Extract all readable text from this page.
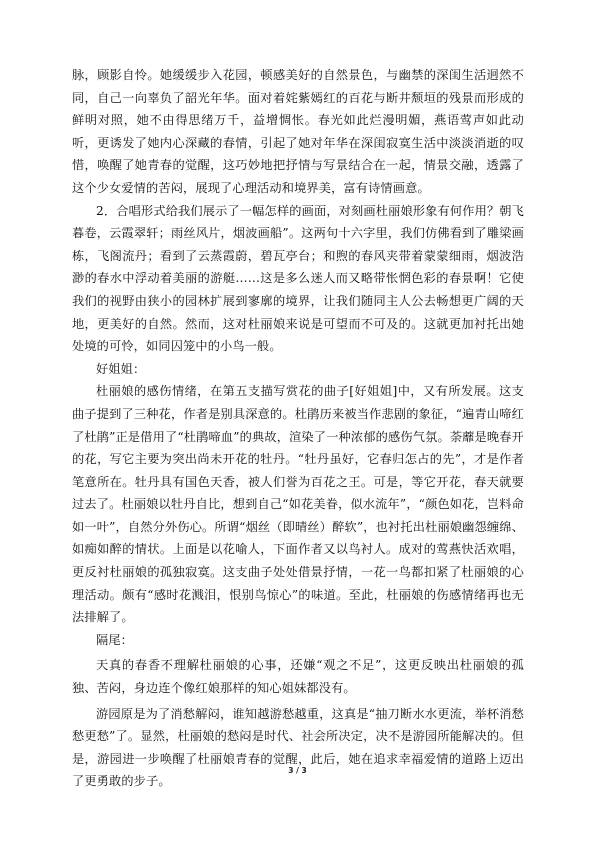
脉，顾影自怜。她缓缓步入花园，顿感美好的自然景色，与幽禁的深闺生活迥然不同，自己一向辜负了韶光年华。面对着姹紫嫣红的百花与断井颓垣的残景而形成的鲜明对照，她不由得思绪万千，益增惆怅。春光如此烂漫明媚，燕语莺声如此动听，更诱发了她内心深藏的春情，引起了她对年华在深闺寂寞生活中淡淡消逝的叹惜，唤醒了她青春的觉醒，这巧妙地把抒情与写景结合在一起，情景交融，透露了这个少女爱情的苦闷，展现了心理活动和境界美，富有诗情画意。

2．合唱形式给我们展示了一幅怎样的画面，对刻画杜丽娘形象有何作用？朝飞暮卷，云霞翠轩；雨丝风片，烟波画船”。这两句十六字里，我们仿佛看到了雕梁画栋，飞阁流丹；看到了云蒸霞蔚，碧瓦亭台；和煦的春风夹带着蒙蒙细雨，烟波浩渺的春水中浮动着美丽的游艇……这是多么迷人而又略带怅惘色彩的春景啊！它使我们的视野由狭小的园林扩展到寥廓的境界，让我们随同主人公去畅想更广阔的天地，更美好的自然。然而，这对杜丽娘来说是可望而不可及的。这就更加衬托出她处境的可怜，如同囚笼中的小鸟一般。

好姐姐：

杜丽娘的感伤情绪，在第五支描写赏花的曲子[好姐姐]中，又有所发展。这支曲子提到了三种花，作者是别具深意的。杜鹃历来被当作悲剧的象征，“遍青山啼红了杜鹃”正是借用了“杜鹃啼血”的典故，渲染了一种浓郁的感伤气氛。荼蘼是晚春开的花，写它主要为突出尚未开花的牡丹。“牡丹虽好，它春归怎占的先”，才是作者笔意所在。牡丹具有国色天香，被人们誉为百花之王。可是，等它开花，春天就要过去了。杜丽娘以牡丹自比，想到自己“如花美眷，似水流年”，“颜色如花，岂料命如一叶”，自然分外伤心。所谓“烟丝（即晴丝）醉软”，也衬托出杜丽娘幽怨缠绵、如痴如醉的情状。上面是以花喻人，下面作者又以鸟衬人。成对的莺燕快活欢唱，更反衬杜丽娘的孤独寂寞。这支曲子处处借景抒情，一花一鸟都扣紧了杜丽娘的心理活动。颇有“感时花溅泪，恨别鸟惊心”的味道。至此，杜丽娘的伤感情绪再也无法排解了。

隔尾：

天真的春香不理解杜丽娘的心事，还嫌“观之不足”，这更反映出杜丽娘的孤独、苦闷，身边连个像红娘那样的知心姐妹都没有。

游园原是为了消愁解闷，谁知越游愁越重，这真是“抽刀断水水更流，举杯消愁愁更愁”了。显然，杜丽娘的愁闷是时代、社会所决定，决不是游园所能解决的。但是，游园进一步唤醒了杜丽娘青春的觉醒，此后，她在追求幸福爱情的道路上迈出了更勇敢的步子。

3 / 3
